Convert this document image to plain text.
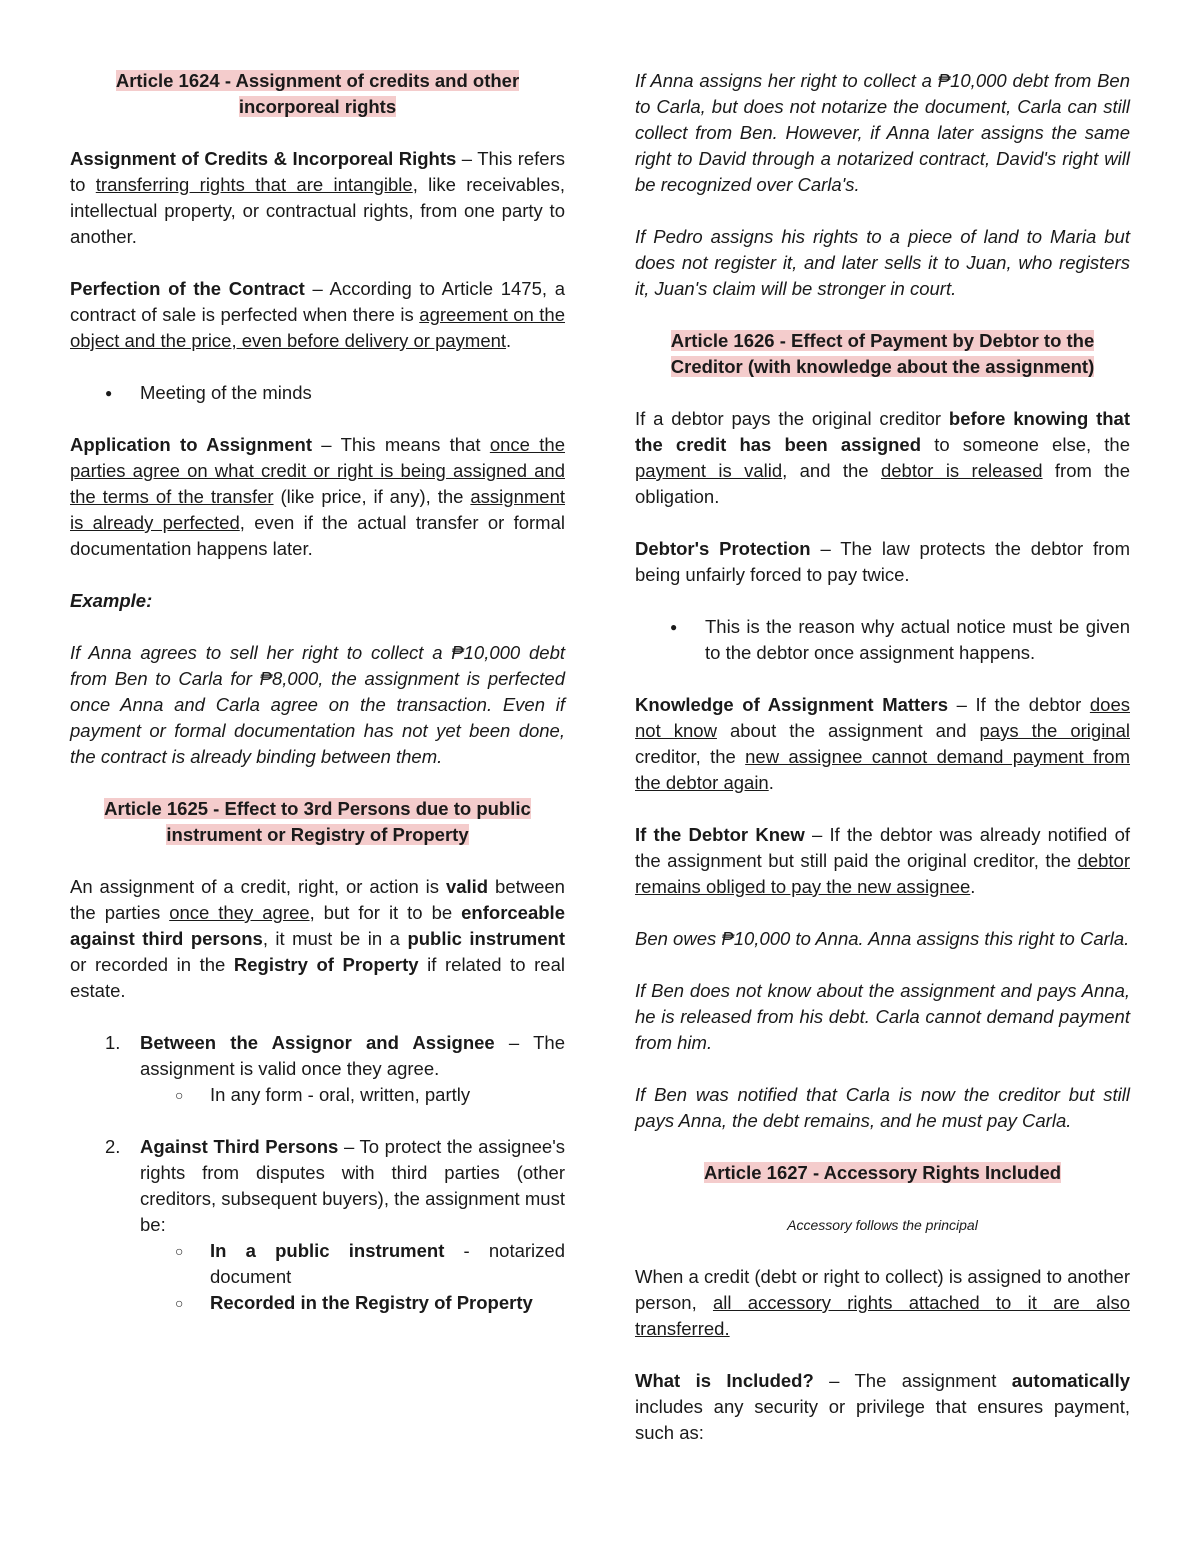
Article 1624 - Assignment of credits and other
incorporeal rights

Assignment of Credits & Incorporeal Rights – This refers to transferring rights that are intangible, like receivables, intellectual property, or contractual rights, from one party to another.

Perfection of the Contract – According to Article 1475, a contract of sale is perfected when there is agreement on the object and the price, even before delivery or payment.

● Meeting of the minds

Application to Assignment – This means that once the parties agree on what credit or right is being assigned and the terms of the transfer (like price, if any), the assignment is already perfected, even if the actual transfer or formal documentation happens later.

Example:

If Anna agrees to sell her right to collect a ₱10,000 debt from Ben to Carla for ₱8,000, the assignment is perfected once Anna and Carla agree on the transaction. Even if payment or formal documentation has not yet been done, the contract is already binding between them.

Article 1625 - Effect to 3rd Persons due to public
instrument or Registry of Property

An assignment of a credit, right, or action is valid between the parties once they agree, but for it to be enforceable against third persons, it must be in a public instrument or recorded in the Registry of Property if related to real estate.

1. Between the Assignor and Assignee – The assignment is valid once they agree.
○ In any form - oral, written, partly
2. Against Third Persons – To protect the assignee's rights from disputes with third parties (other creditors, subsequent buyers), the assignment must be:
○ In a public instrument - notarized document
○ Recorded in the Registry of Property

If Anna assigns her right to collect a ₱10,000 debt from Ben to Carla, but does not notarize the document, Carla can still collect from Ben. However, if Anna later assigns the same right to David through a notarized contract, David's right will be recognized over Carla's.

If Pedro assigns his rights to a piece of land to Maria but does not register it, and later sells it to Juan, who registers it, Juan's claim will be stronger in court.

Article 1626 - Effect of Payment by Debtor to the
Creditor (with knowledge about the assignment)

If a debtor pays the original creditor before knowing that the credit has been assigned to someone else, the payment is valid, and the debtor is released from the obligation.

Debtor's Protection – The law protects the debtor from being unfairly forced to pay twice.

● This is the reason why actual notice must be given to the debtor once assignment happens.

Knowledge of Assignment Matters – If the debtor does not know about the assignment and pays the original creditor, the new assignee cannot demand payment from the debtor again.

If the Debtor Knew – If the debtor was already notified of the assignment but still paid the original creditor, the debtor remains obliged to pay the new assignee.

Ben owes ₱10,000 to Anna. Anna assigns this right to Carla.

If Ben does not know about the assignment and pays Anna, he is released from his debt. Carla cannot demand payment from him.

If Ben was notified that Carla is now the creditor but still pays Anna, the debt remains, and he must pay Carla.

Article 1627 - Accessory Rights Included
Accessory follows the principal

When a credit (debt or right to collect) is assigned to another person, all accessory rights attached to it are also transferred.

What is Included? – The assignment automatically includes any security or privilege that ensures payment, such as:
